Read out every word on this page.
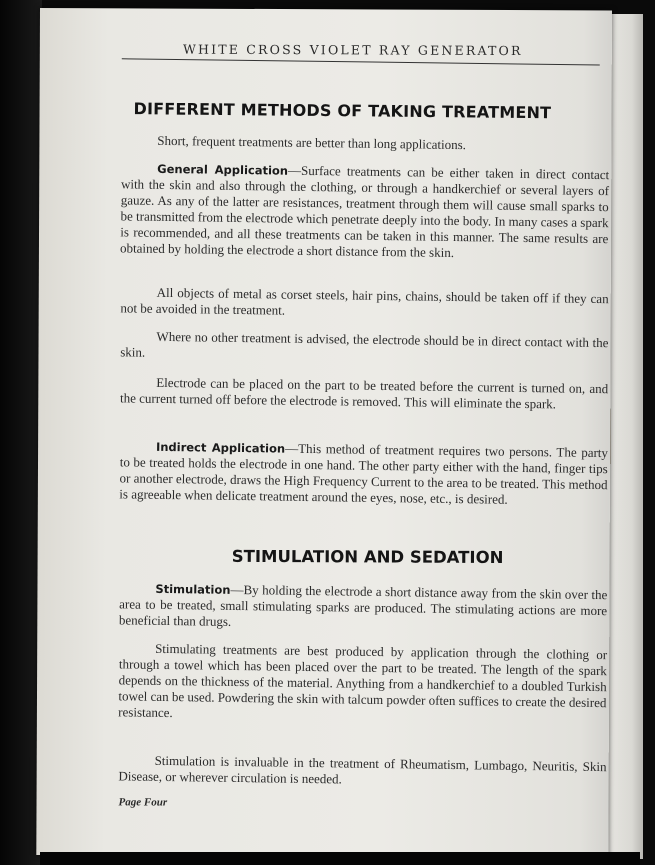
WHITE CROSS VIOLET RAY GENERATOR
DIFFERENT METHODS OF TAKING TREATMENT

Short, frequent treatments are better than long applications.

General Application—Surface treatments can be either taken in direct contact with the skin and also through the clothing, or through a handkerchief or several layers of gauze. As any of the latter are resistances, treatment through them will cause small sparks to be transmitted from the electrode which penetrate deeply into the body. In many cases a spark is recommended, and all these treatments can be taken in this manner. The same results are obtained by holding the electrode a short distance from the skin.

All objects of metal as corset steels, hair pins, chains, should be taken off if they can not be avoided in the treatment.

Where no other treatment is advised, the electrode should be in direct contact with the skin.

Electrode can be placed on the part to be treated before the current is turned on, and the current turned off before the electrode is removed. This will eliminate the spark.

Indirect Application—This method of treatment requires two persons. The party to be treated holds the electrode in one hand. The other party either with the hand, finger tips or another electrode, draws the High Frequency Current to the area to be treated. This method is agreeable when delicate treatment around the eyes, nose, etc., is desired.

STIMULATION AND SEDATION

Stimulation—By holding the electrode a short distance away from the skin over the area to be treated, small stimulating sparks are produced. The stimulating actions are more beneficial than drugs.

Stimulating treatments are best produced by application through the clothing or through a towel which has been placed over the part to be treated. The length of the spark depends on the thickness of the material. Anything from a handkerchief to a doubled Turkish towel can be used. Powdering the skin with talcum powder often suffices to create the desired resistance.

Stimulation is invaluable in the treatment of Rheumatism, Lumbago, Neuritis, Skin Disease, or wherever circulation is needed.

Page Four
